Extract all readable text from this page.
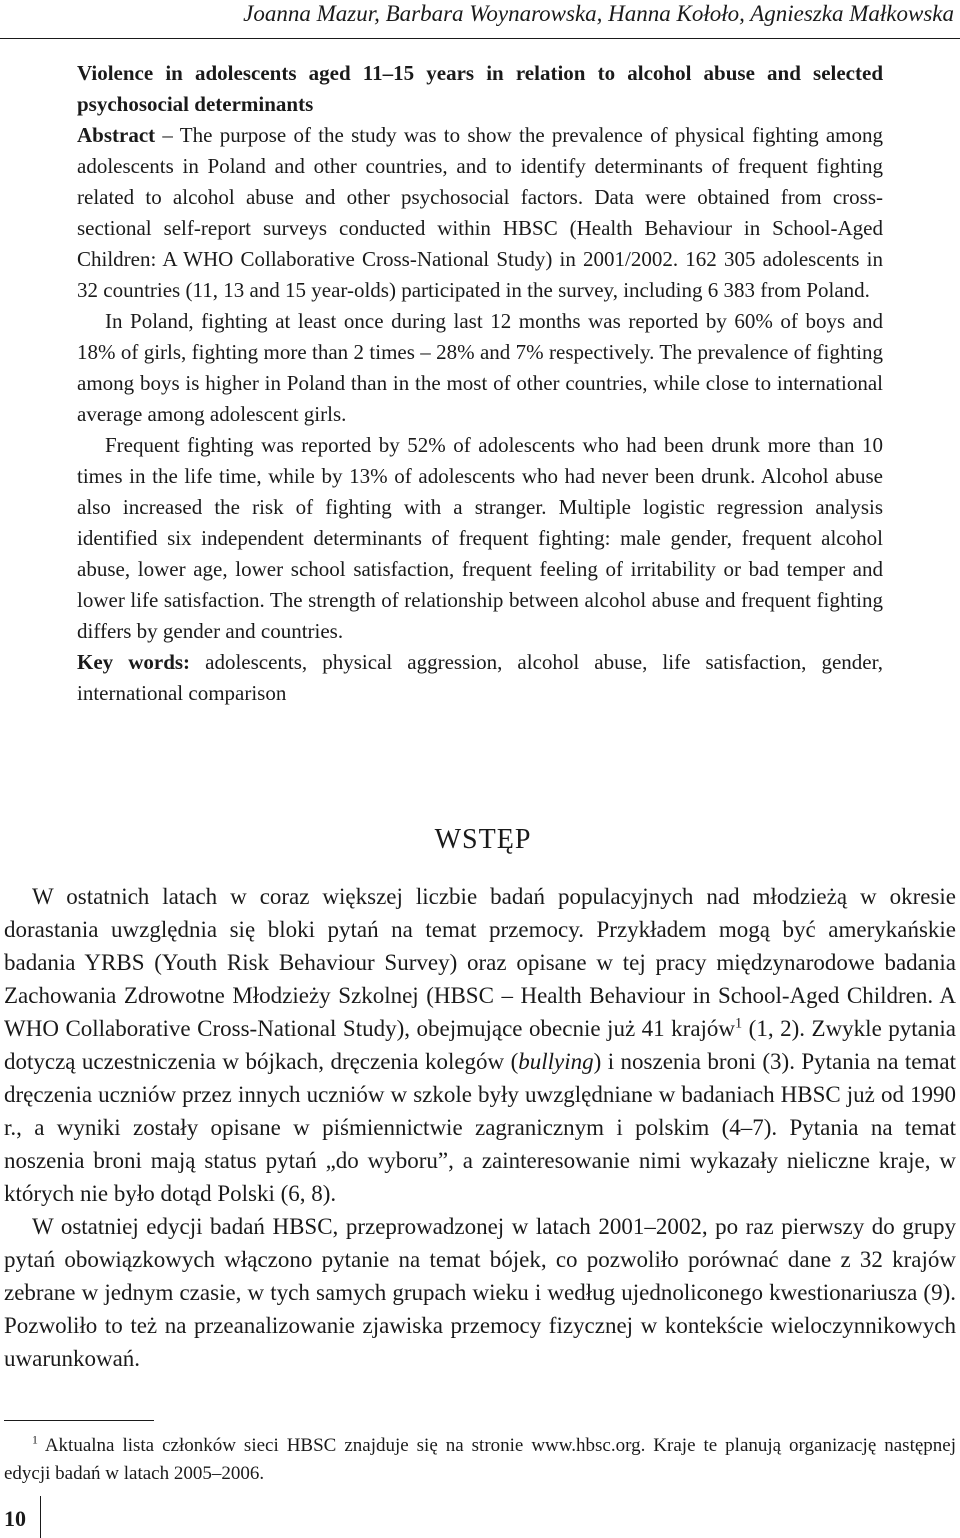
Joanna Mazur, Barbara Woynarowska, Hanna Kołoło, Agnieszka Małkowska

Violence in adolescents aged 11–15 years in relation to alcohol abuse and selected psychosocial determinants

Abstract – The purpose of the study was to show the prevalence of physical fighting among adolescents in Poland and other countries, and to identify determinants of frequent fighting related to alcohol abuse and other psychosocial factors. Data were obtained from cross-sectional self-report surveys conducted within HBSC (Health Behaviour in School-Aged Children: A WHO Collaborative Cross-National Study) in 2001/2002. 162 305 adolescents in 32 countries (11, 13 and 15 year-olds) participated in the survey, including 6 383 from Poland.

In Poland, fighting at least once during last 12 months was reported by 60% of boys and 18% of girls, fighting more than 2 times – 28% and 7% respectively. The prevalence of fighting among boys is higher in Poland than in the most of other countries, while close to international average among adolescent girls.

Frequent fighting was reported by 52% of adolescents who had been drunk more than 10 times in the life time, while by 13% of adolescents who had never been drunk. Alcohol abuse also increased the risk of fighting with a stranger. Multiple logistic regression analysis identified six independent determinants of frequent fighting: male gender, frequent alcohol abuse, lower age, lower school satisfaction, frequent feeling of irritability or bad temper and lower life satisfaction. The strength of relationship between alcohol abuse and frequent fighting differs by gender and countries.

Key words: adolescents, physical aggression, alcohol abuse, life satisfaction, gender, international comparison

WSTĘP

W ostatnich latach w coraz większej liczbie badań populacyjnych nad młodzieżą w okresie dorastania uwzględnia się bloki pytań na temat przemocy. Przykładem mogą być amerykańskie badania YRBS (Youth Risk Behaviour Survey) oraz opisane w tej pracy międzynarodowe badania Zachowania Zdrowotne Młodzieży Szkolnej (HBSC – Health Behaviour in School-Aged Children. A WHO Collaborative Cross-National Study), obejmujące obecnie już 41 krajów$^1$ (1, 2). Zwykle pytania dotyczą uczestniczenia w bójkach, dręczenia kolegów (bullying) i noszenia broni (3). Pytania na temat dręczenia uczniów przez innych uczniów w szkole były uwzględniane w badaniach HBSC już od 1990 r., a wyniki zostały opisane w piśmiennictwie zagranicznym i polskim (4–7). Pytania na temat noszenia broni mają status pytań „do wyboru”, a zainteresowanie nimi wykazały nieliczne kraje, w których nie było dotąd Polski (6, 8).

W ostatniej edycji badań HBSC, przeprowadzonej w latach 2001–2002, po raz pierwszy do grupy pytań obowiązkowych włączono pytanie na temat bójek, co pozwoliło porównać dane z 32 krajów zebrane w jednym czasie, w tych samych grupach wieku i według ujednoliconego kwestionariusza (9). Pozwoliło to też na przeanalizowanie zjawiska przemocy fizycznej w kontekście wieloczynnikowych uwarunkowań.

$^1$ Aktualna lista członków sieci HBSC znajduje się na stronie www.hbsc.org. Kraje te planują organizację następnej edycji badań w latach 2005–2006.
10
